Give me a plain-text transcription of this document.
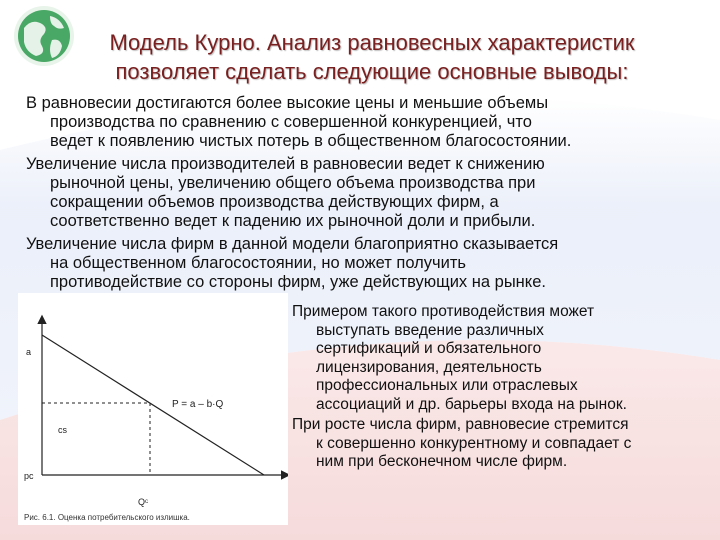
Модель Курно. Анализ равновесных характеристик
позволяет сделать следующие основные выводы:
В равновесии достигаются более высокие цены и меньшие объемы
производства по сравнению с совершенной конкуренцией, что
ведет к появлению чистых потерь в общественном благосостоянии.
Увеличение числа производителей в равновесии ведет к снижению
рыночной цены, увеличению общего объема производства при
сокращении объемов производства действующих фирм, а
соответственно ведет к падению их рыночной доли и прибыли.
Увеличение числа фирм в данной модели благоприятно сказывается
на общественном благосостоянии, но может получить
противодействие со стороны фирм, уже действующих на рынке.
a
pc
cs
Qᶜ
P = a – b·Q
Рис. 6.1. Оценка потребительского излишка.
Примером такого противодействия может
выступать введение различных
сертификаций и обязательного
лицензирования, деятельность
профессиональных или отраслевых
ассоциаций и др. барьеры входа на рынок.
При росте числа фирм, равновесие стремится
к совершенно конкурентному и совпадает с
ним при бесконечном числе фирм.
